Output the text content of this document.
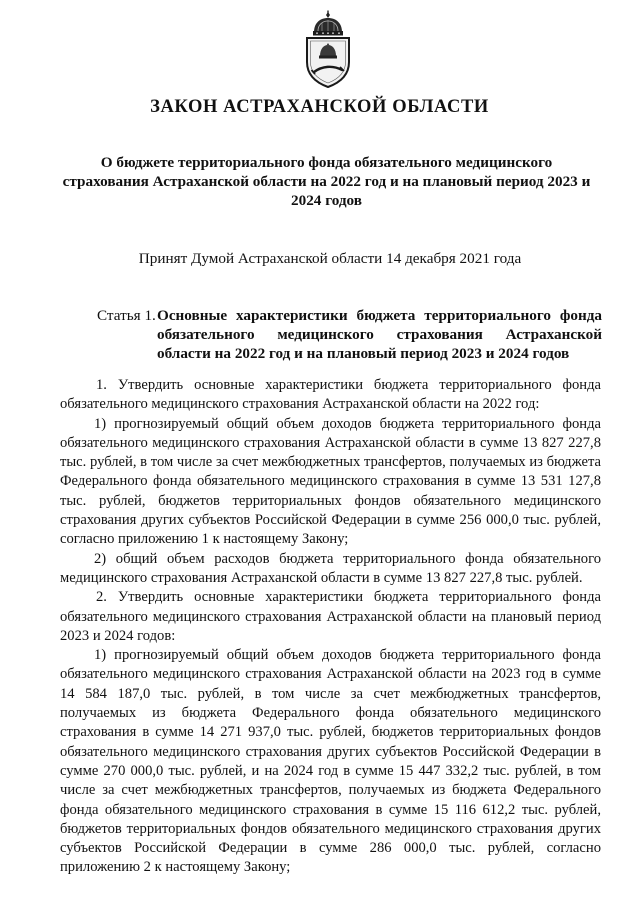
ЗАКОН АСТРАХАНСКОЙ ОБЛАСТИ
О бюджете территориального фонда обязательного медицинского страхования Астраханской области на 2022 год и на плановый период 2023 и 2024 годов
Принят Думой Астраханской области 14 декабря 2021 года
Статья 1. Основные характеристики бюджета территориального фонда обязательного медицинского страхования Астраханской области на 2022 год и на плановый период 2023 и 2024 годов

1. Утвердить основные характеристики бюджета территориального фонда обязательного медицинского страхования Астраханской области на 2022 год:

1) прогнозируемый общий объем доходов бюджета территориального фонда обязательного медицинского страхования Астраханской области в сумме 13 827 227,8 тыс. рублей, в том числе за счет межбюджетных трансфертов, получаемых из бюджета Федерального фонда обязательного медицинского страхования в сумме 13 531 127,8 тыс. рублей, бюджетов территориальных фондов обязательного медицинского страхования других субъектов Российской Федерации в сумме 256 000,0 тыс. рублей, согласно приложению 1 к настоящему Закону;

2) общий объем расходов бюджета территориального фонда обязательного медицинского страхования Астраханской области в сумме 13 827 227,8 тыс. рублей.

2. Утвердить основные характеристики бюджета территориального фонда обязательного медицинского страхования Астраханской области на плановый период 2023 и 2024 годов:

1) прогнозируемый общий объем доходов бюджета территориального фонда обязательного медицинского страхования Астраханской области на 2023 год в сумме 14 584 187,0 тыс. рублей, в том числе за счет межбюджетных трансфертов, получаемых из бюджета Федерального фонда обязательного медицинского страхования в сумме 14 271 937,0 тыс. рублей, бюджетов территориальных фондов обязательного медицинского страхования других субъектов Российской Федерации в сумме 270 000,0 тыс. рублей, и на 2024 год в сумме 15 447 332,2 тыс. рублей, в том числе за счет межбюджетных трансфертов, получаемых из бюджета Федерального фонда обязательного медицинского страхования в сумме 15 116 612,2 тыс. рублей, бюджетов территориальных фондов обязательного медицинского страхования других субъектов Российской Федерации в сумме 286 000,0 тыс. рублей, согласно приложению 2 к настоящему Закону;
